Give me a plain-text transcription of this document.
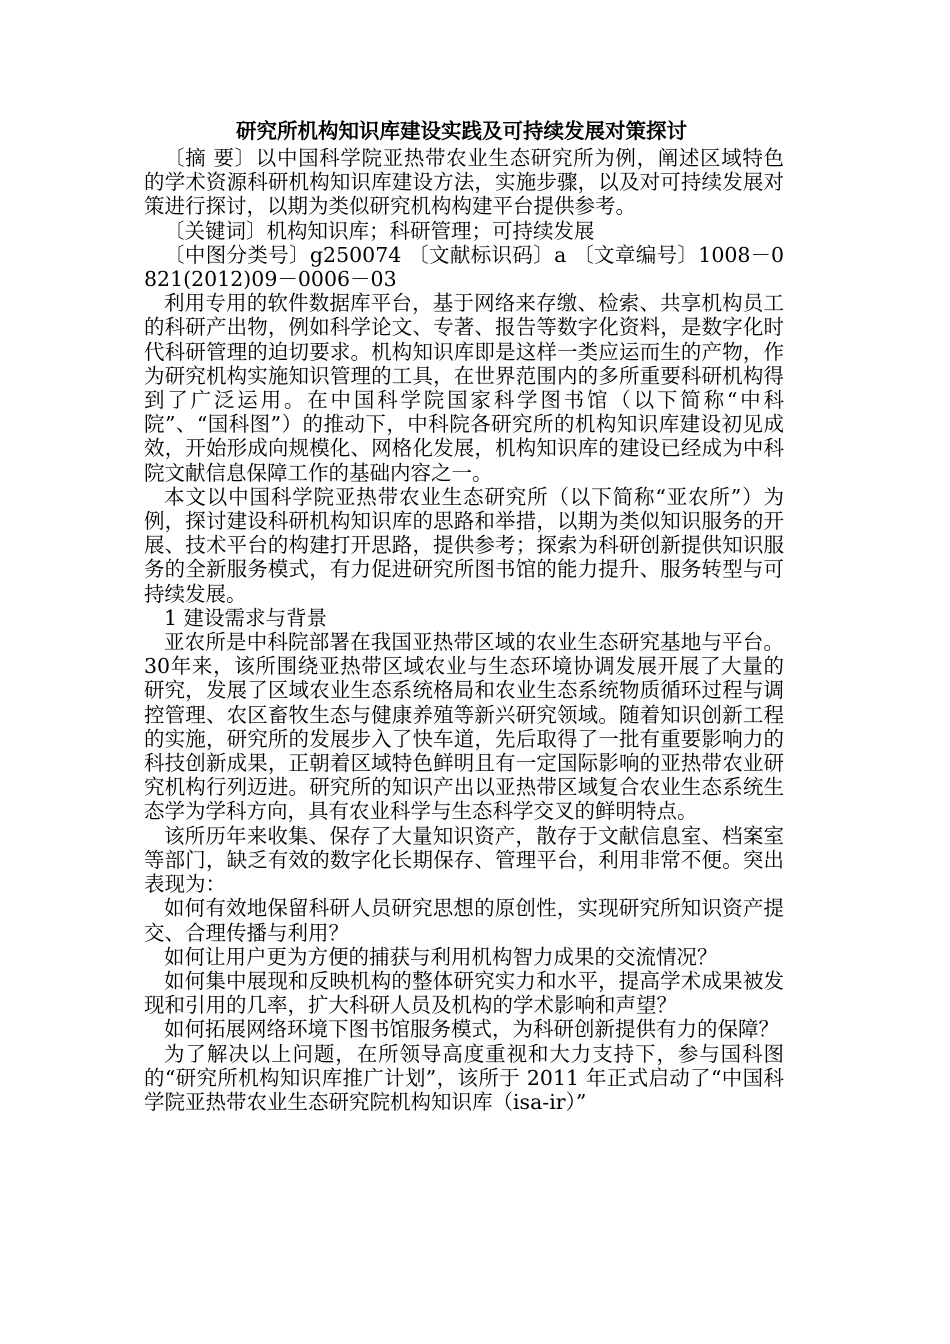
研究所机构知识库建设实践及可持续发展对策探讨

〔摘 要〕以中国科学院亚热带农业生态研究所为例，阐述区域特色的学术资源科研机构知识库建设方法，实施步骤，以及对可持续发展对策进行探讨，以期为类似研究机构构建平台提供参考。

〔关键词〕机构知识库；科研管理；可持续发展

〔中图分类号〕g250074 〔文献标识码〕a 〔文章编号〕1008－0821(2012)09－0006－03

利用专用的软件数据库平台，基于网络来存缴、检索、共享机构员工的科研产出物，例如科学论文、专著、报告等数字化资料，是数字化时代科研管理的迫切要求。机构知识库即是这样一类应运而生的产物，作为研究机构实施知识管理的工具，在世界范围内的多所重要科研机构得到了广泛运用。在中国科学院国家科学图书馆（以下简称“中科院”、“国科图”）的推动下，中科院各研究所的机构知识库建设初见成效，开始形成向规模化、网格化发展，机构知识库的建设已经成为中科院文献信息保障工作的基础内容之一。

本文以中国科学院亚热带农业生态研究所（以下简称“亚农所”）为例，探讨建设科研机构知识库的思路和举措，以期为类似知识服务的开展、技术平台的构建打开思路，提供参考；探索为科研创新提供知识服务的全新服务模式，有力促进研究所图书馆的能力提升、服务转型与可持续发展。

1 建设需求与背景

亚农所是中科院部署在我国亚热带区域的农业生态研究基地与平台。30年来，该所围绕亚热带区域农业与生态环境协调发展开展了大量的研究，发展了区域农业生态系统格局和农业生态系统物质循环过程与调控管理、农区畜牧生态与健康养殖等新兴研究领域。随着知识创新工程的实施，研究所的发展步入了快车道，先后取得了一批有重要影响力的科技创新成果，正朝着区域特色鲜明且有一定国际影响的亚热带农业研究机构行列迈进。研究所的知识产出以亚热带区域复合农业生态系统生态学为学科方向，具有农业科学与生态科学交叉的鲜明特点。

该所历年来收集、保存了大量知识资产，散存于文献信息室、档案室等部门，缺乏有效的数字化长期保存、管理平台，利用非常不便。突出表现为：

如何有效地保留科研人员研究思想的原创性，实现研究所知识资产提交、合理传播与利用？

如何让用户更为方便的捕获与利用机构智力成果的交流情况？

如何集中展现和反映机构的整体研究实力和水平，提高学术成果被发现和引用的几率，扩大科研人员及机构的学术影响和声望？

如何拓展网络环境下图书馆服务模式，为科研创新提供有力的保障？

为了解决以上问题，在所领导高度重视和大力支持下，参与国科图的“研究所机构知识库推广计划”，该所于 2011 年正式启动了“中国科学院亚热带农业生态研究院机构知识库（isa-ir）”
